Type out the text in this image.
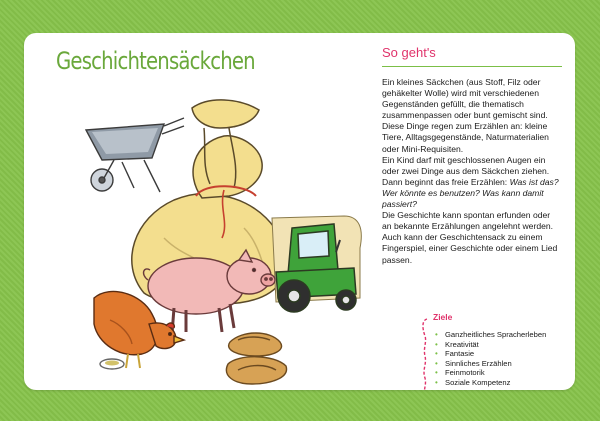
Geschichtensäckchen	So geht's

Ein kleines Säckchen (aus Stoff, Filz oder gehäkelter Wolle) wird mit verschiedenen Gegenständen gefüllt, die thematisch zusammenpassen oder bunt gemischt sind. Diese Dinge regen zum Erzählen an: kleine Tiere, Alltagsgegenstände, Naturmaterialien oder Mini-Requisiten.

Ein Kind darf mit geschlossenen Augen ein oder zwei Dinge aus dem Säckchen ziehen. Dann beginnt das freie Erzählen: Was ist das? Wer könnte es benutzen? Was kann damit passiert?

Die Geschichte kann spontan erfunden oder an bekannte Erzählungen angelehnt werden. Auch kann der Geschichtensack zu einem Fingerspiel, einer Geschichte oder einem Lied passen.

Ziele
• Ganzheitliches Spracherleben
• Kreativität
• Fantasie
• Sinnliches Erzählen
• Feinmotorik
• Soziale Kompetenz
